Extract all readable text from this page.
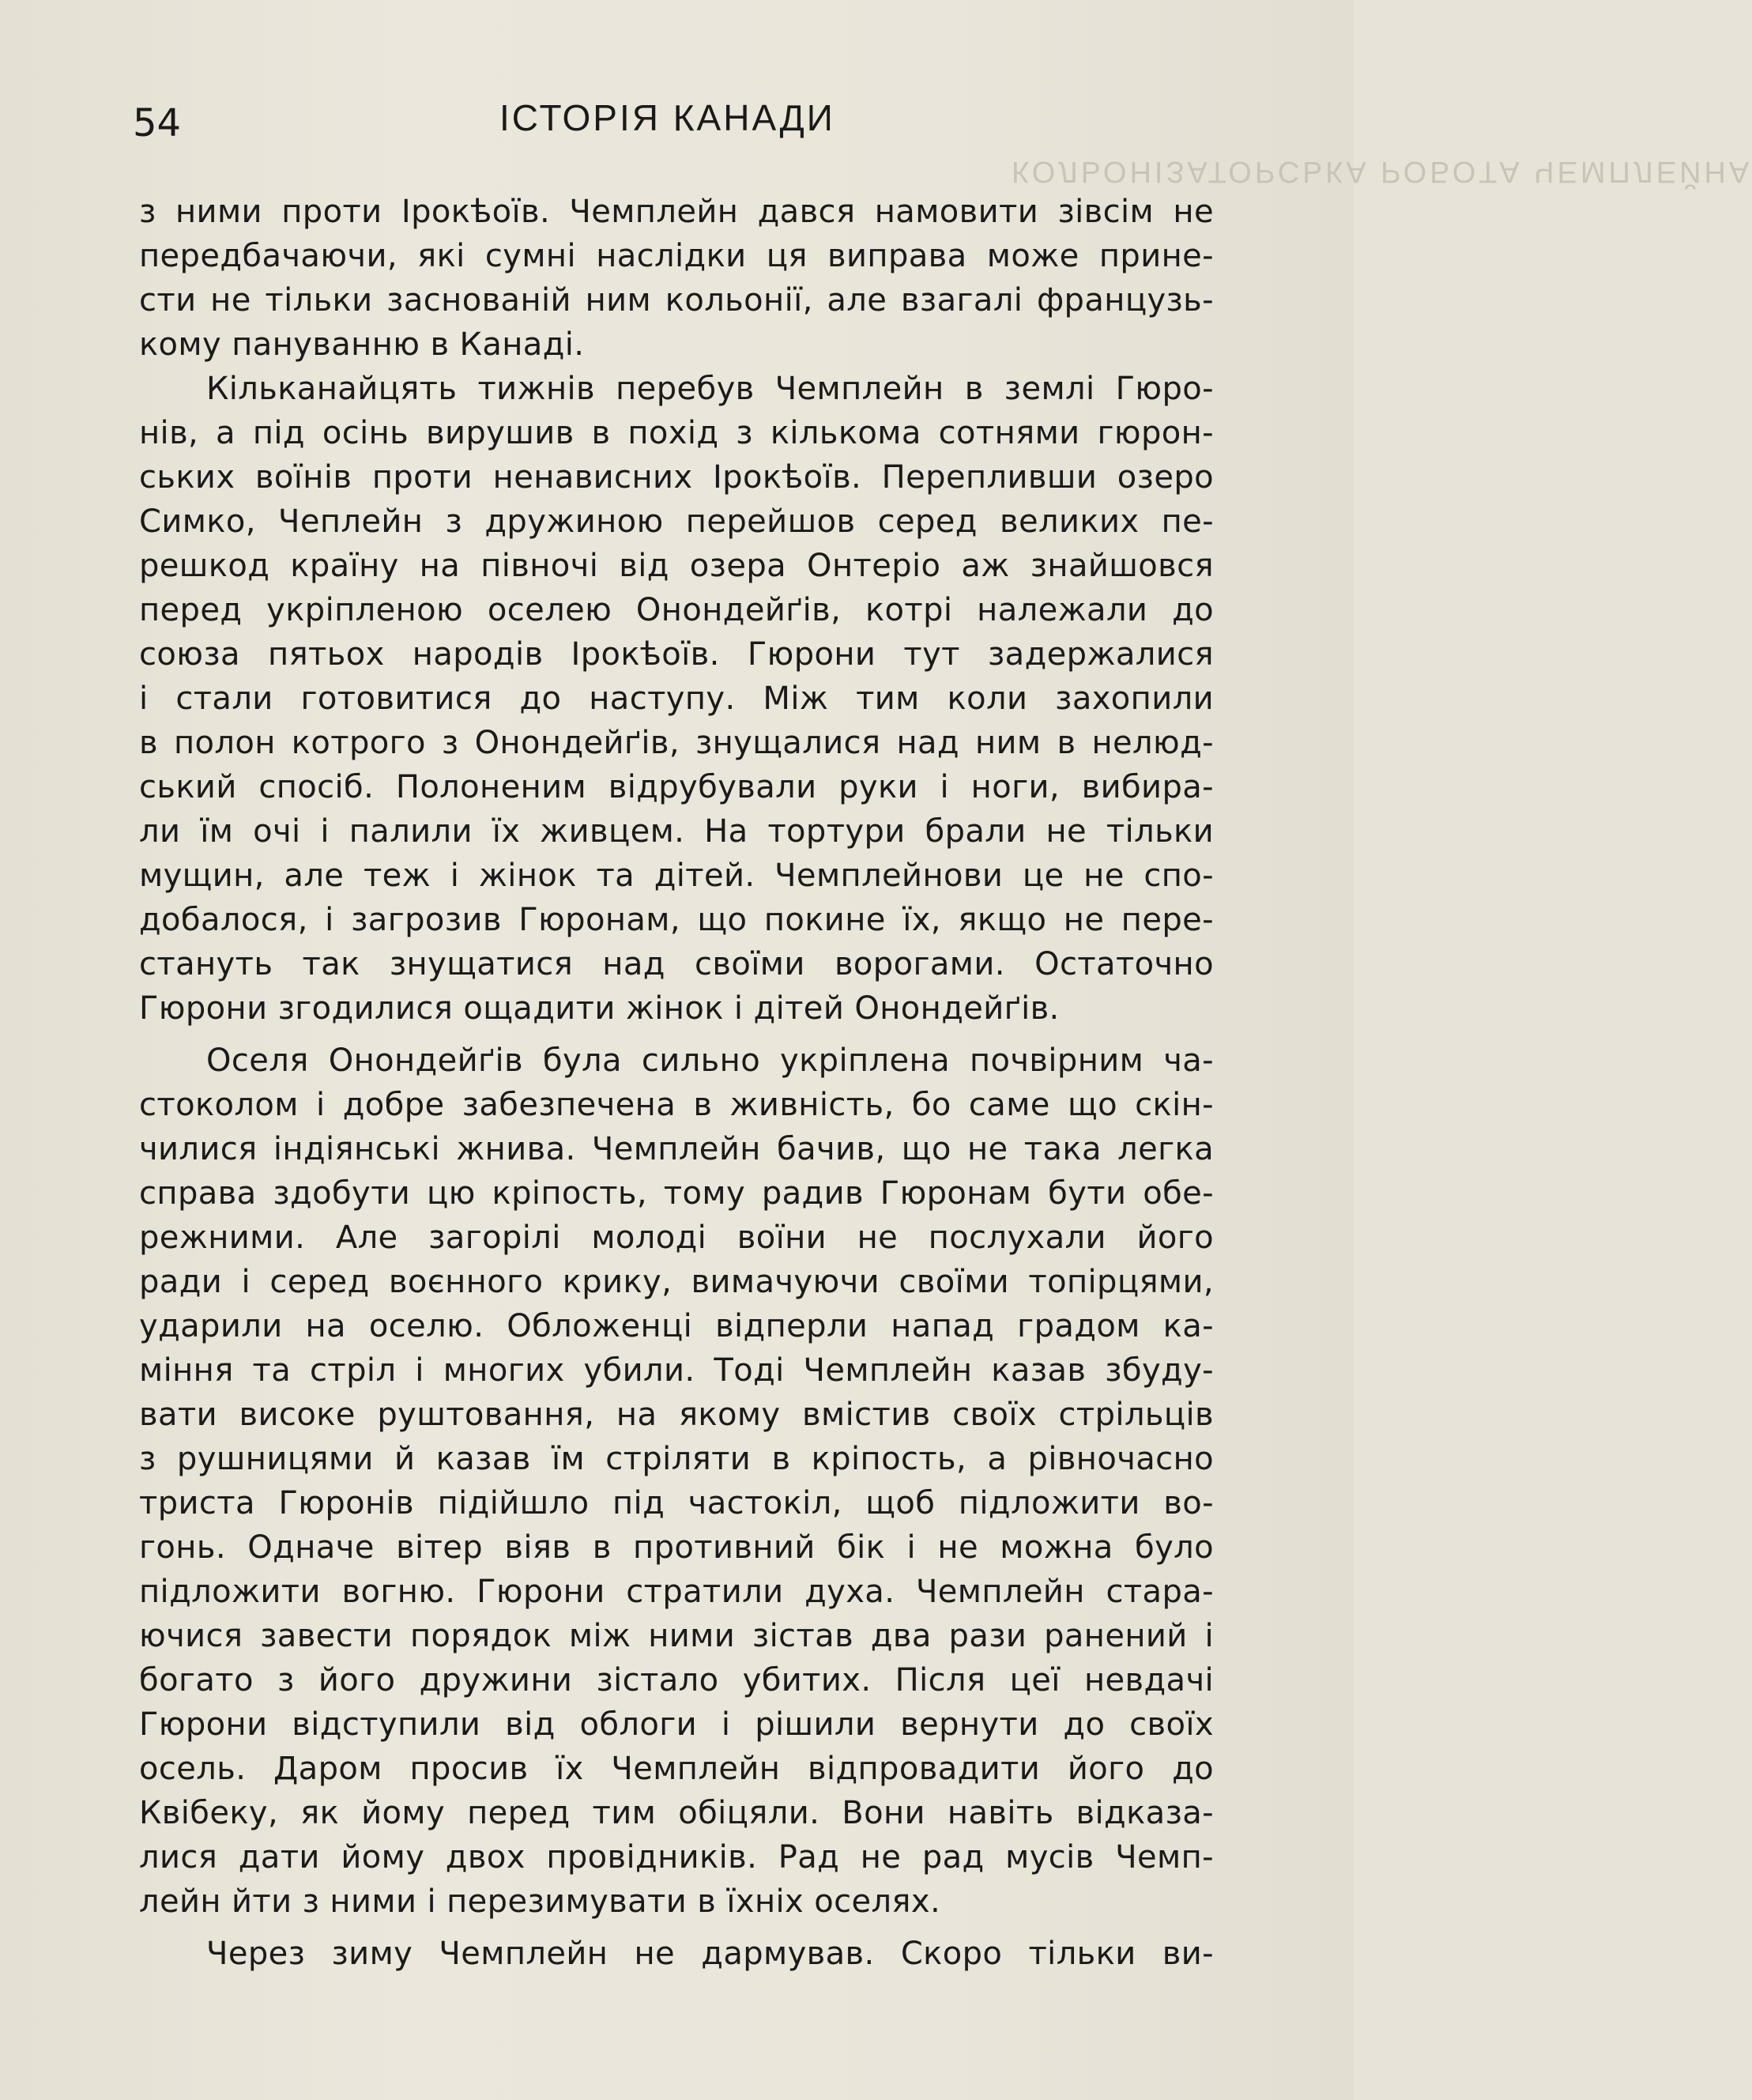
КОЛЬОНІЗАТОРСЬКА РОБОТА ЧЕМПЛЕЙНА
54	ІСТОРІЯ КАНАДИ
з ними проти Ірокѣоїв. Чемплейн дався намовити зівсім не
передбачаючи, які сумні наслідки ця виправа може прине-
сти не тільки заснованій ним кольонії, але взагалі французь-
кому пануванню в Канаді.
Кільканайцять тижнів перебув Чемплейн в землі Гюро-
нів, а під осінь вирушив в похід з кількома сотнями гюрон-
ських воїнів проти ненависних Ірокѣоїв. Перепливши озеро
Симко, Чеплейн з дружиною перейшов серед великих пе-
решкод країну на півночі від озера Онтеріо аж знайшовся
перед укріпленою оселею Онондейґів, котрі належали до
союза пятьох народів Ірокѣоїв. Гюрони тут задержалися
і стали готовитися до наступу. Між тим коли захопили
в полон котрого з Онондейґів, знущалися над ним в нелюд-
ський спосіб. Полоненим відрубували руки і ноги, вибира-
ли їм очі і палили їх живцем. На тортури брали не тільки
мущин, але теж і жінок та дітей. Чемплейнови це не спо-
добалося, і загрозив Гюронам, що покине їх, якщо не пере-
стануть так знущатися над своїми ворогами. Остаточно
Гюрони згодилися ощадити жінок і дітей Онондейґів.
Оселя Онондейґів була сильно укріплена почвірним ча-
стоколом і добре забезпечена в живність, бо саме що скін-
чилися індіянські жнива. Чемплейн бачив, що не така легка
справа здобути цю кріпость, тому радив Гюронам бути обе-
режними. Але загорілі молоді воїни не послухали його
ради і серед воєнного крику, вимачуючи своїми топірцями,
ударили на оселю. Обложенці відперли напад градом ка-
міння та стріл і многих убили. Тоді Чемплейн казав збуду-
вати високе руштовання, на якому вмістив своїх стрільців
з рушницями й казав їм стріляти в кріпость, а рівночасно
триста Гюронів підійшло під частокіл, щоб підложити во-
гонь. Одначе вітер віяв в противний бік і не можна було
підложити вогню. Гюрони стратили духа. Чемплейн стара-
ючися завести порядок між ними зістав два рази ранений і
богато з його дружини зістало убитих. Після цеї невдачі
Гюрони відступили від облоги і рішили вернути до своїх
осель. Даром просив їх Чемплейн відпровадити його до
Квібеку, як йому перед тим обіцяли. Вони навіть відказа-
лися дати йому двох провідників. Рад не рад мусів Чемп-
лейн йти з ними і перезимувати в їхніх оселях.
Через зиму Чемплейн не дармував. Скоро тільки ви-
